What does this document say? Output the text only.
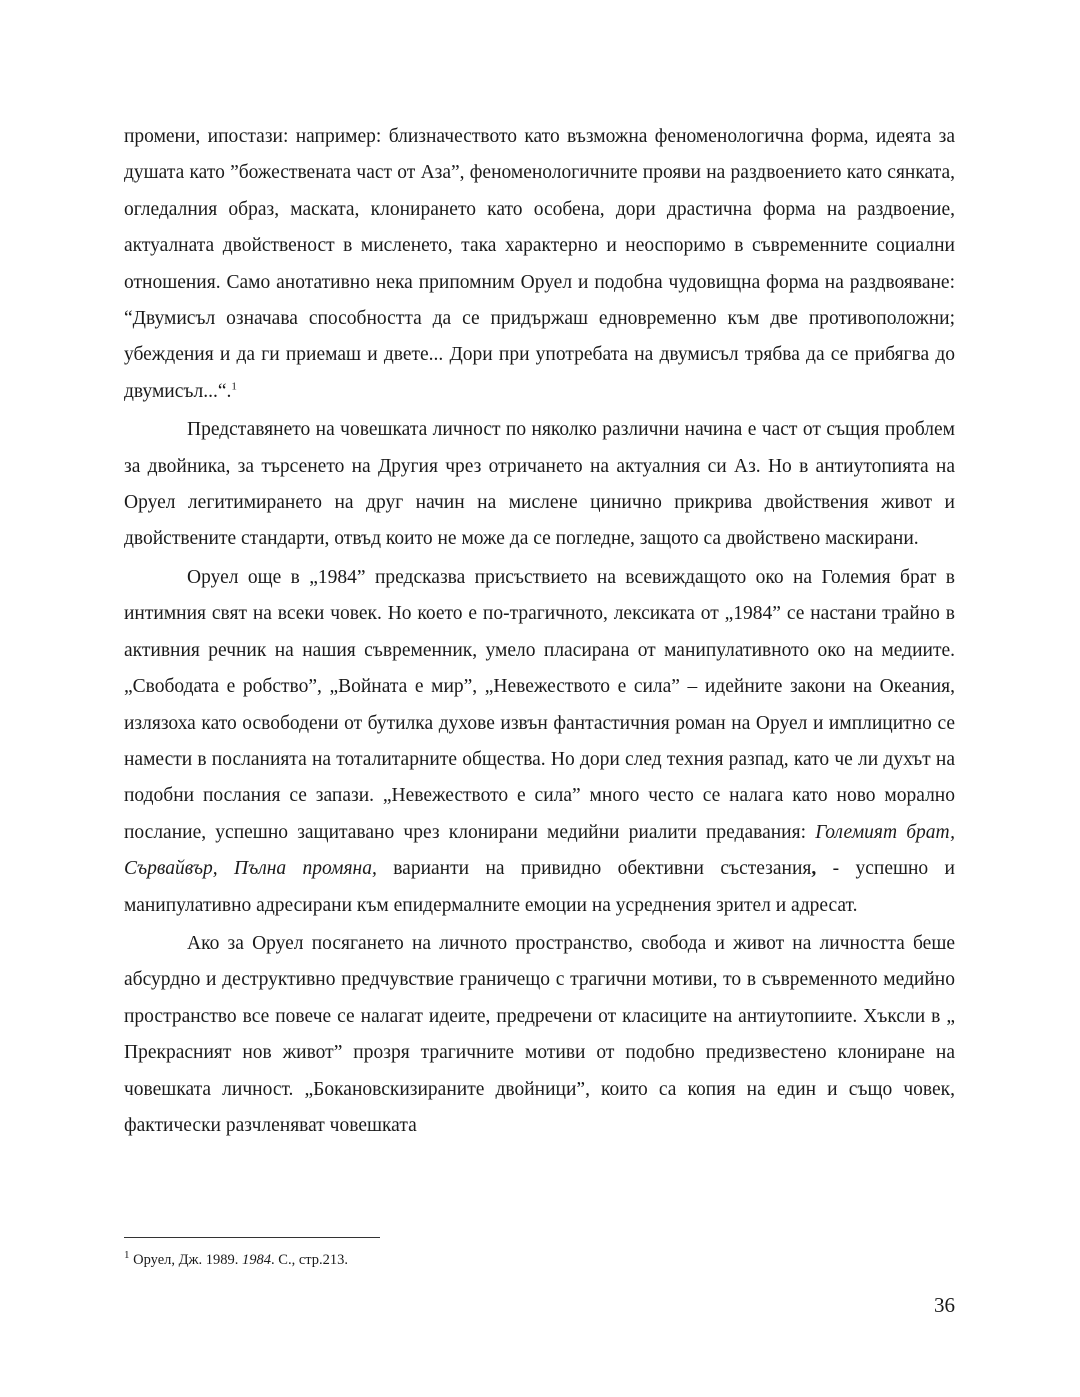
промени, ипостази: например: близначеството като възможна феноменологична форма, идеята за душата като ”божествената част от Аза”, феноменологичните прояви на раздвоението като сянката, огледалния образ, маската, клонирането като особена, дори драстична форма на раздвоение, актуалната двойственост в мисленето, така характерно и неоспоримо в съвременните социални отношения. Само анотативно нека припомним Оруел и подобна чудовищна форма на раздвояване: “Двумисъл означава способността да се придържаш едновременно към две противоположни; убеждения и да ги приемаш и двете... Дори при употребата на двумисъл трябва да се прибягва до двумисъл...“.$^1$

Представянето на човешката личност по няколко различни начина е част от същия проблем за двойника, за търсенето на Другия чрез отричането на актуалния си Аз. Но в антиутопията на Оруел легитимирането на друг начин на мислене цинично прикрива двойствения живот и двойствените стандарти, отвъд които не може да се погледне, защото са двойствено маскирани.

Оруел още в „1984” предсказва присъствието на всевиждащото око на Големия брат в интимния свят на всеки човек. Но което е по-трагичното, лексиката от „1984” се настани трайно в активния речник на нашия съвременник, умело пласирана от манипулативното око на медиите. „Свободата е робство”, „Войната е мир”, „Невежеството е сила” – идейните закони на Океания, излязоха като освободени от бутилка духове извън фантастичния роман на Оруел и имплицитно се намести в посланията на тоталитарните общества. Но дори след техния разпад, като че ли духът на подобни послания се запази. „Невежеството е сила” много често се налага като ново морално послание, успешно защитавано чрез клонирани медийни риалити предавания: Големият брат, Сървайвър, Пълна промяна, варианти на привидно обективни състезания, - успешно и манипулативно адресирани към епидермалните емоции на усреднения зрител и адресат.

Ако за Оруел посягането на личното пространство, свобода и живот на личността беше абсурдно и деструктивно предчувствие граничещо с трагични мотиви, то в съвременното медийно пространство все повече се налагат идеите, предречени от класиците на антиутопиите. Хъксли в „ Прекрасният нов живот” прозря трагичните мотиви от подобно предизвестено клониране на човешката личност. „Бокановскизираните двойници”, които са копия на един и също човек, фактически разчленяват човешката

$^1$ Оруел, Дж. 1989. 1984. С., стр.213.
36
